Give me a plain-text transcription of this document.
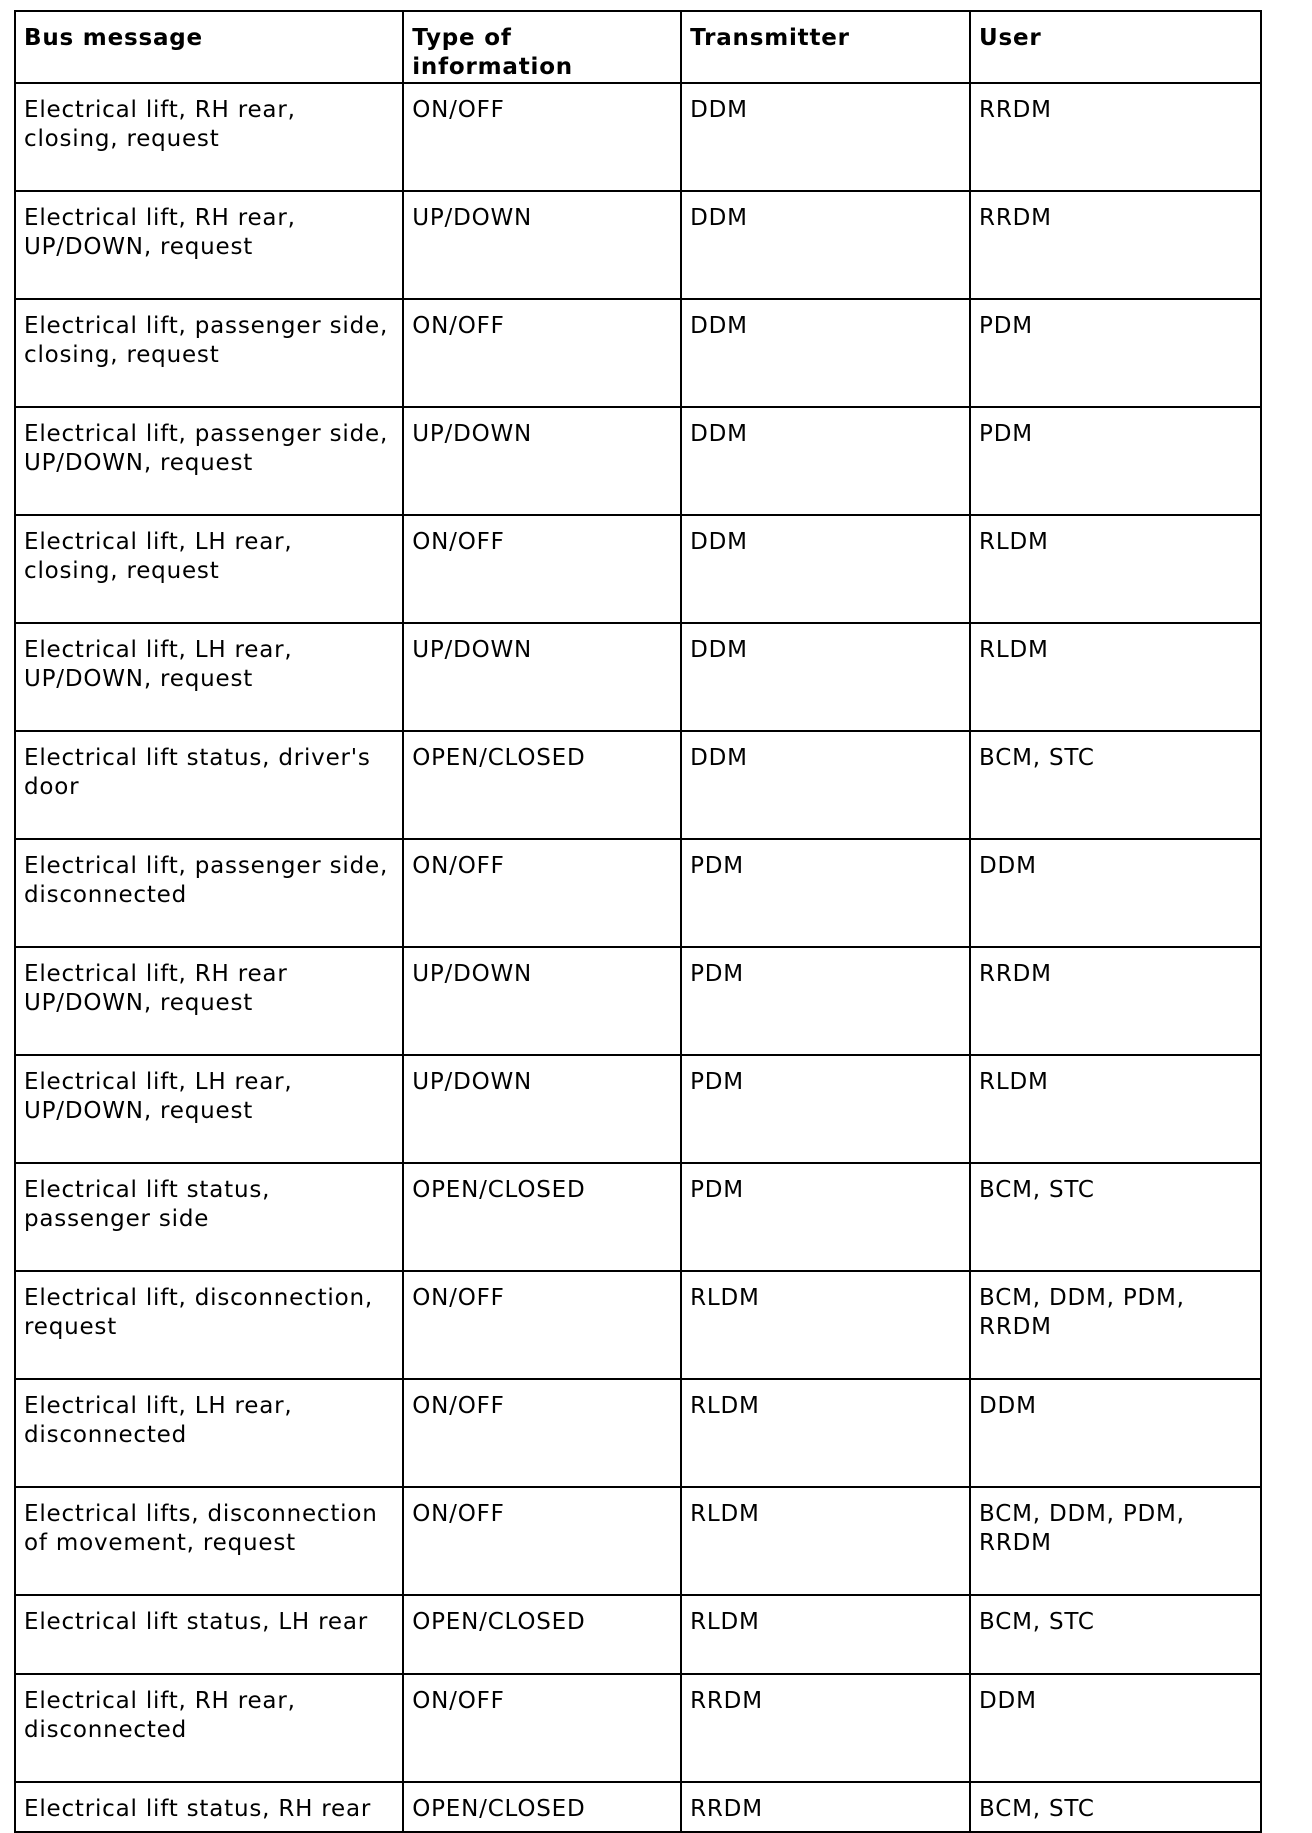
Bus message	Type of information	Transmitter	User
Electrical lift, RH rear, closing, request	ON/OFF	DDM	RRDM
Electrical lift, RH rear, UP/DOWN, request	UP/DOWN	DDM	RRDM
Electrical lift, passenger side, closing, request	ON/OFF	DDM	PDM
Electrical lift, passenger side, UP/DOWN, request	UP/DOWN	DDM	PDM
Electrical lift, LH rear, closing, request	ON/OFF	DDM	RLDM
Electrical lift, LH rear, UP/DOWN, request	UP/DOWN	DDM	RLDM
Electrical lift status, driver's door	OPEN/CLOSED	DDM	BCM, STC
Electrical lift, passenger side, disconnected	ON/OFF	PDM	DDM
Electrical lift, RH rear UP/DOWN, request	UP/DOWN	PDM	RRDM
Electrical lift, LH rear, UP/DOWN, request	UP/DOWN	PDM	RLDM
Electrical lift status, passenger side	OPEN/CLOSED	PDM	BCM, STC
Electrical lift, disconnection, request	ON/OFF	RLDM	BCM, DDM, PDM, RRDM
Electrical lift, LH rear, disconnected	ON/OFF	RLDM	DDM
Electrical lifts, disconnection of movement, request	ON/OFF	RLDM	BCM, DDM, PDM, RRDM
Electrical lift status, LH rear	OPEN/CLOSED	RLDM	BCM, STC
Electrical lift, RH rear, disconnected	ON/OFF	RRDM	DDM
Electrical lift status, RH rear	OPEN/CLOSED	RRDM	BCM, STC
